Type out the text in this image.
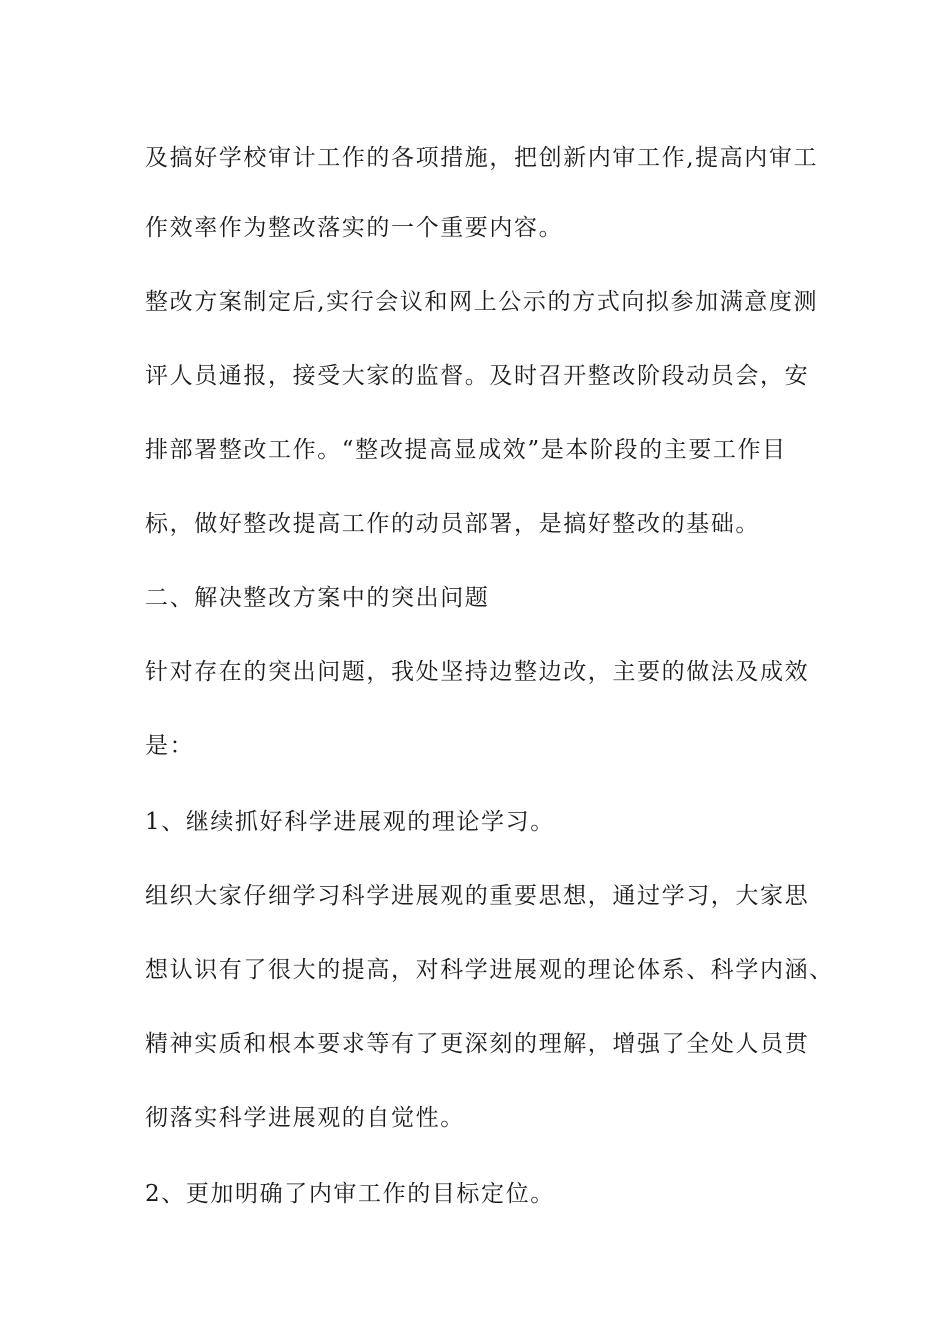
及搞好学校审计工作的各项措施，把创新内审工作,提高内审工
作效率作为整改落实的一个重要内容。
整改方案制定后,实行会议和网上公示的方式向拟参加满意度测
评人员通报，接受大家的监督。及时召开整改阶段动员会，安
排部署整改工作。“整改提高显成效”是本阶段的主要工作目
标，做好整改提高工作的动员部署，是搞好整改的基础。
二、解决整改方案中的突出问题
针对存在的突出问题，我处坚持边整边改，主要的做法及成效
是：
1、继续抓好科学进展观的理论学习。
组织大家仔细学习科学进展观的重要思想，通过学习，大家思
想认识有了很大的提高，对科学进展观的理论体系、科学内涵、
精神实质和根本要求等有了更深刻的理解，增强了全处人员贯
彻落实科学进展观的自觉性。
2、更加明确了内审工作的目标定位。
